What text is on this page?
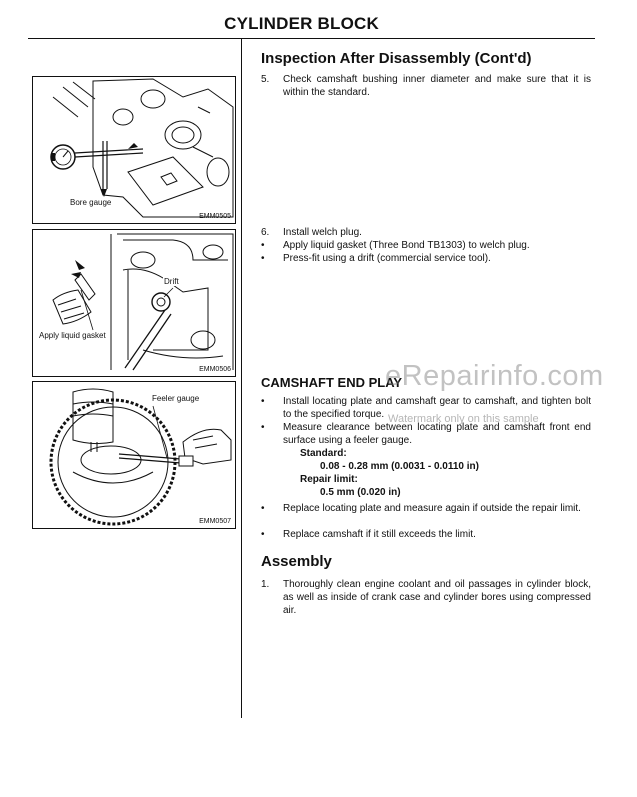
CYLINDER BLOCK
Bore gauge
EMM0505
Drift
Apply liquid gasket
EMM0506
Feeler gauge
EMM0507
Inspection After Disassembly (Cont'd)
5. Check camshaft bushing inner diameter and make sure that it is within the standard.
6. Install welch plug.
• Apply liquid gasket (Three Bond TB1303) to welch plug.
• Press-fit using a drift (commercial service tool).
CAMSHAFT END PLAY
• Install locating plate and camshaft gear to camshaft, and tighten bolt to the specified torque.
• Measure clearance between locating plate and camshaft front end surface using a feeler gauge.
Standard:
0.08 - 0.28 mm (0.0031 - 0.0110 in)
Repair limit:
0.5 mm (0.020 in)
• Replace locating plate and measure again if outside the repair limit.
• Replace camshaft if it still exceeds the limit.
Assembly
1. Thoroughly clean engine coolant and oil passages in cylinder block, as well as inside of crank case and cylinder bores using compressed air.
eRepairinfo.com
Watermark only on this sample
